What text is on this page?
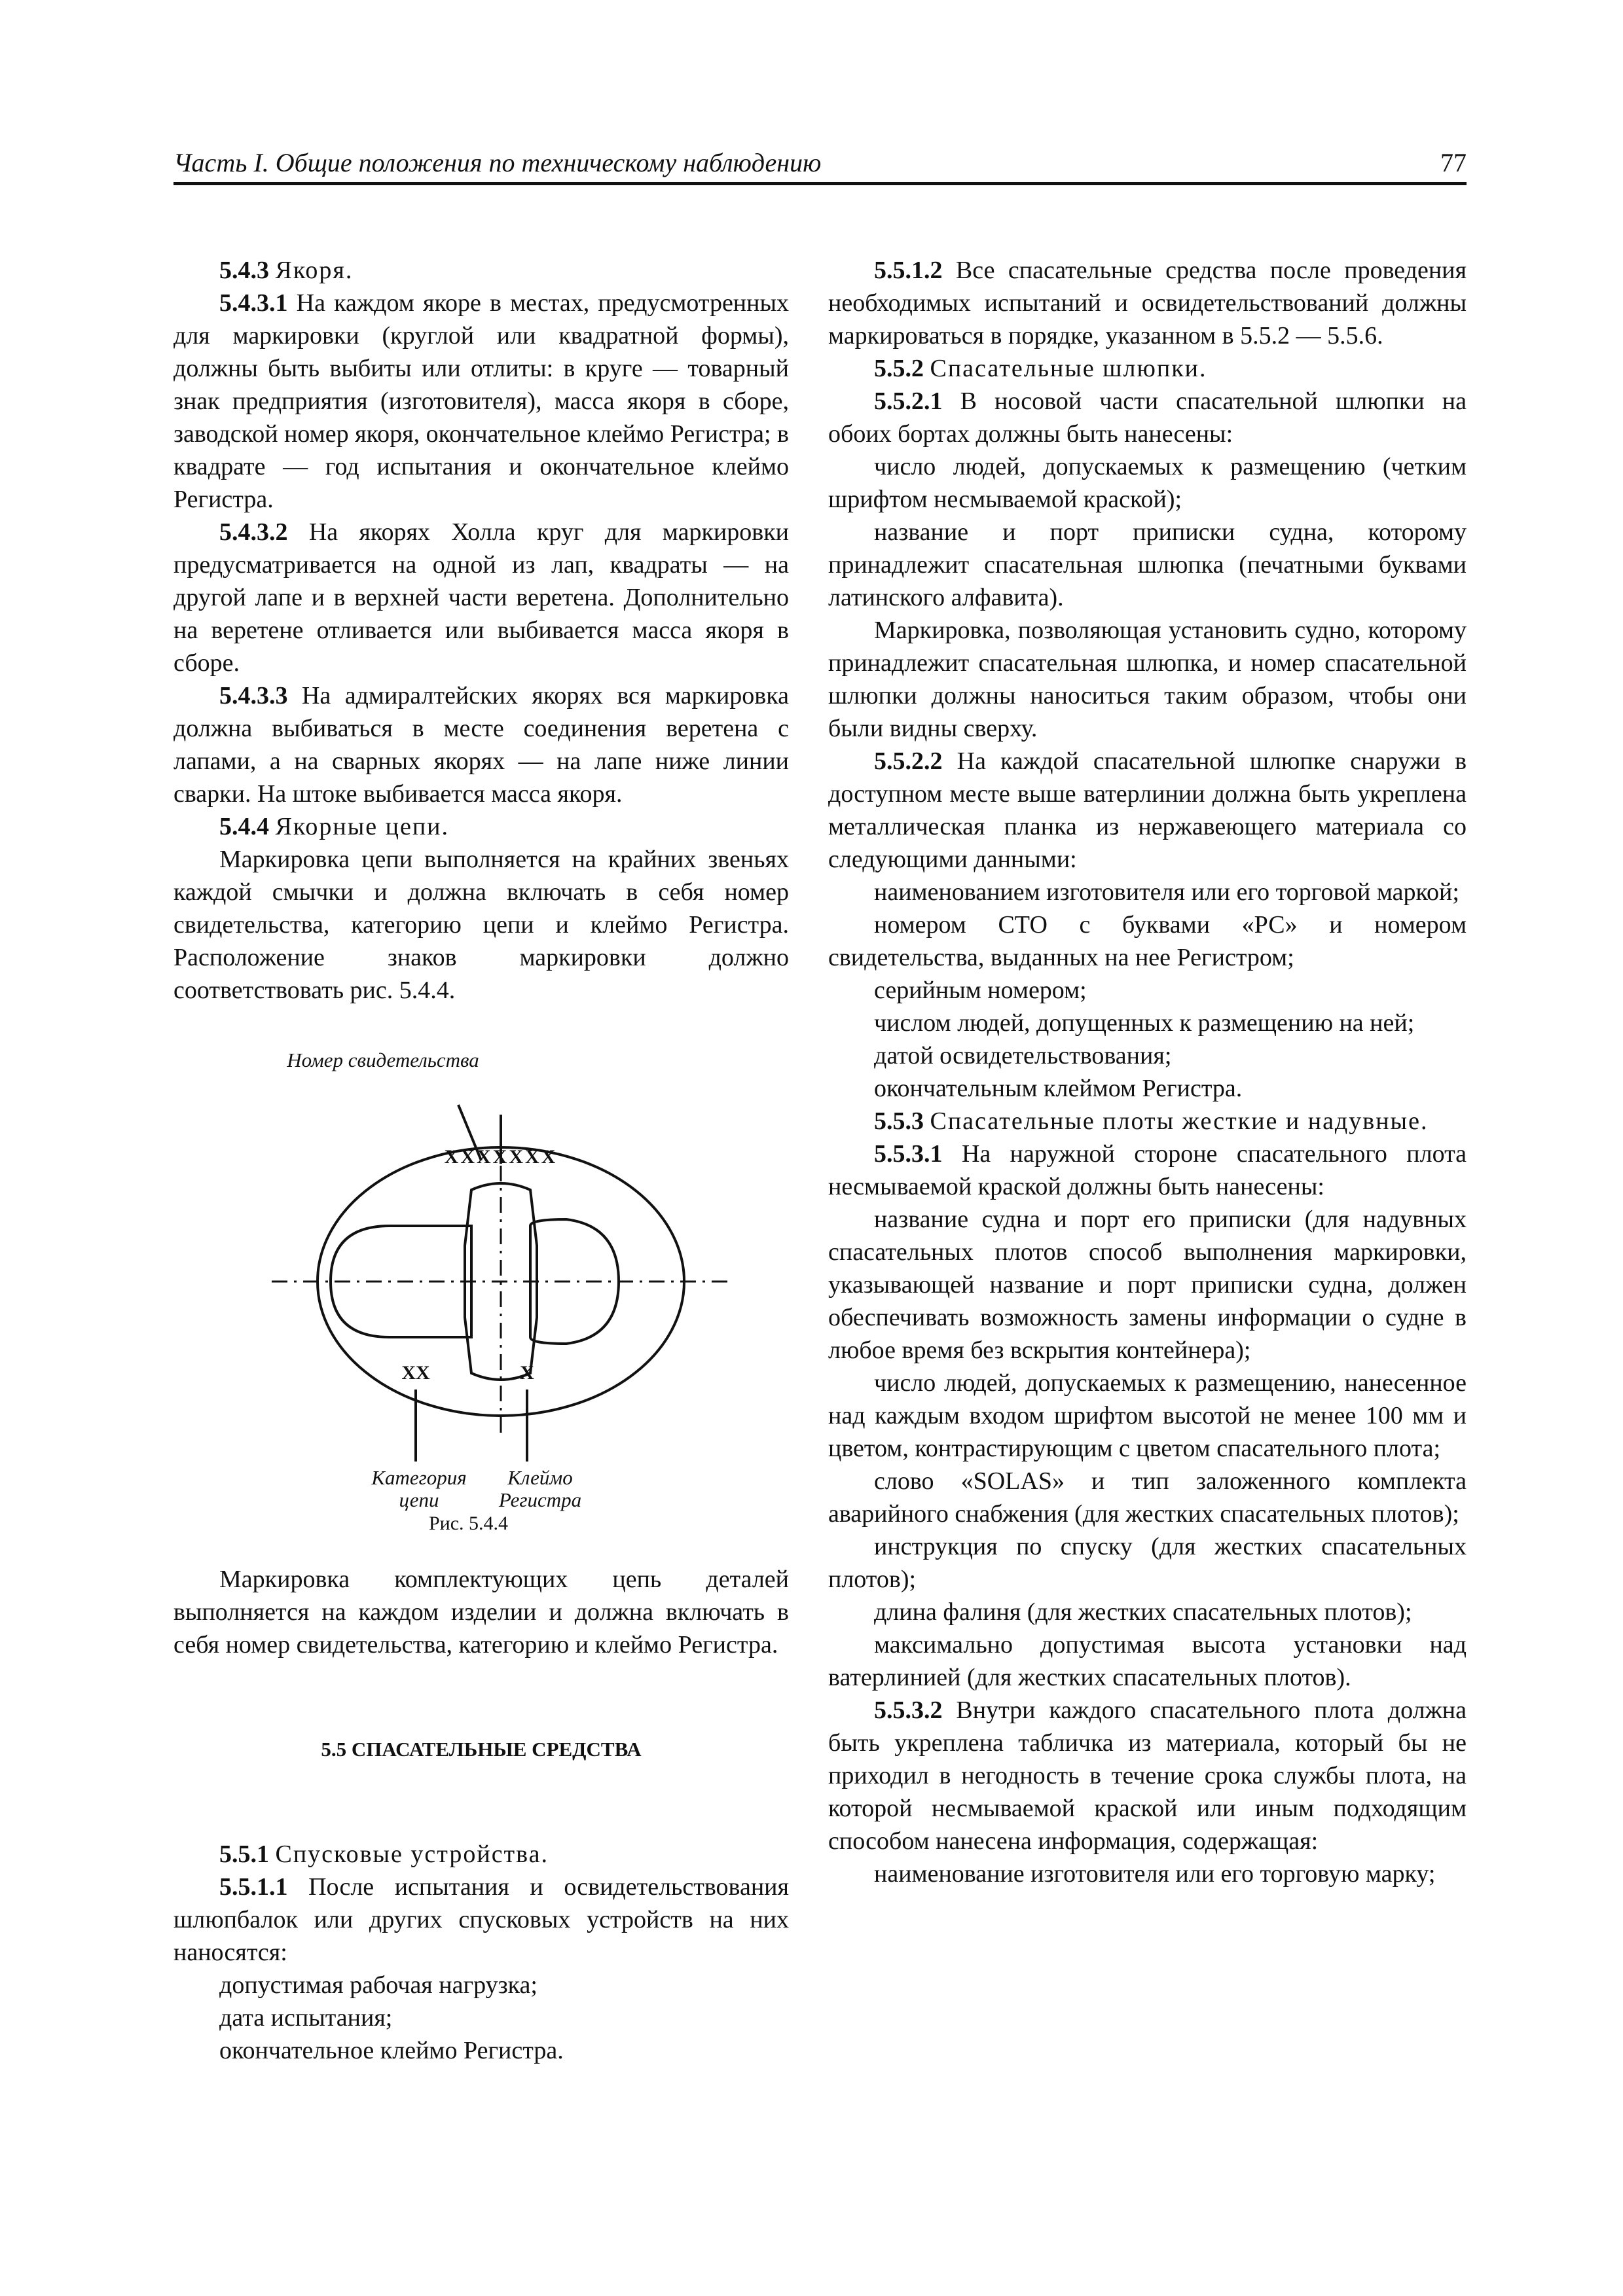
Часть I. Общие положения по техническому наблюдению	77

5.4.3 Якоря.

5.4.3.1 На каждом якоре в местах, предусмотренных для маркировки (круглой или квадратной формы), должны быть выбиты или отлиты: в круге — товарный знак предприятия (изготовителя), масса якоря в сборе, заводской номер якоря, окончательное клеймо Регистра; в квадрате — год испытания и окончательное клеймо Регистра.

5.4.3.2 На якорях Холла круг для маркировки предусматривается на одной из лап, квадраты — на другой лапе и в верхней части веретена. Дополнительно на веретене отливается или выбивается масса якоря в сборе.

5.4.3.3 На адмиралтейских якорях вся маркировка должна выбиваться в месте соединения веретена с лапами, а на сварных якорях — на лапе ниже линии сварки. На штоке выбивается масса якоря.

5.4.4 Якорные цепи.

Маркировка цепи выполняется на крайних звеньях каждой смычки и должна включать в себя номер свидетельства, категорию цепи и клеймо Регистра. Расположение знаков маркировки должно соответствовать рис. 5.4.4.

Номер свидетельства
XXXXXXX
XX	X
Категория
цепи
Клеймо
Регистра
Рис. 5.4.4

Маркировка комплектующих цепь деталей выполняется на каждом изделии и должна включать в себя номер свидетельства, категорию и клеймо Регистра.

5.5 СПАСАТЕЛЬНЫЕ СРЕДСТВА

5.5.1 Спусковые устройства.

5.5.1.1 После испытания и освидетельствования шлюпбалок или других спусковых устройств на них наносятся:

допустимая рабочая нагрузка;

дата испытания;

окончательное клеймо Регистра.

5.5.1.2 Все спасательные средства после проведения необходимых испытаний и освидетельствований должны маркироваться в порядке, указанном в 5.5.2 — 5.5.6.

5.5.2 Спасательные шлюпки.

5.5.2.1 В носовой части спасательной шлюпки на обоих бортах должны быть нанесены:

число людей, допускаемых к размещению (четким шрифтом несмываемой краской);

название и порт приписки судна, которому принадлежит спасательная шлюпка (печатными буквами латинского алфавита).

Маркировка, позволяющая установить судно, которому принадлежит спасательная шлюпка, и номер спасательной шлюпки должны наноситься таким образом, чтобы они были видны сверху.

5.5.2.2 На каждой спасательной шлюпке снаружи в доступном месте выше ватерлинии должна быть укреплена металлическая планка из нержавеющего материала со следующими данными:

наименованием изготовителя или его торговой маркой;

номером СТО с буквами «РС» и номером свидетельства, выданных на нее Регистром;

серийным номером;

числом людей, допущенных к размещению на ней;

датой освидетельствования;

окончательным клеймом Регистра.

5.5.3 Спасательные плоты жесткие и надувные.

5.5.3.1 На наружной стороне спасательного плота несмываемой краской должны быть нанесены:

название судна и порт его приписки (для надувных спасательных плотов способ выполнения маркировки, указывающей название и порт приписки судна, должен обеспечивать возможность замены информации о судне в любое время без вскрытия контейнера);

число людей, допускаемых к размещению, нанесенное над каждым входом шрифтом высотой не менее 100 мм и цветом, контрастирующим с цветом спасательного плота;

слово «SOLAS» и тип заложенного комплекта аварийного снабжения (для жестких спасательных плотов);

инструкция по спуску (для жестких спасательных плотов);

длина фалиня (для жестких спасательных плотов);

максимально допустимая высота установки над ватерлинией (для жестких спасательных плотов).

5.5.3.2 Внутри каждого спасательного плота должна быть укреплена табличка из материала, который бы не приходил в негодность в течение срока службы плота, на которой несмываемой краской или иным подходящим способом нанесена информация, содержащая:

наименование изготовителя или его торговую марку;
